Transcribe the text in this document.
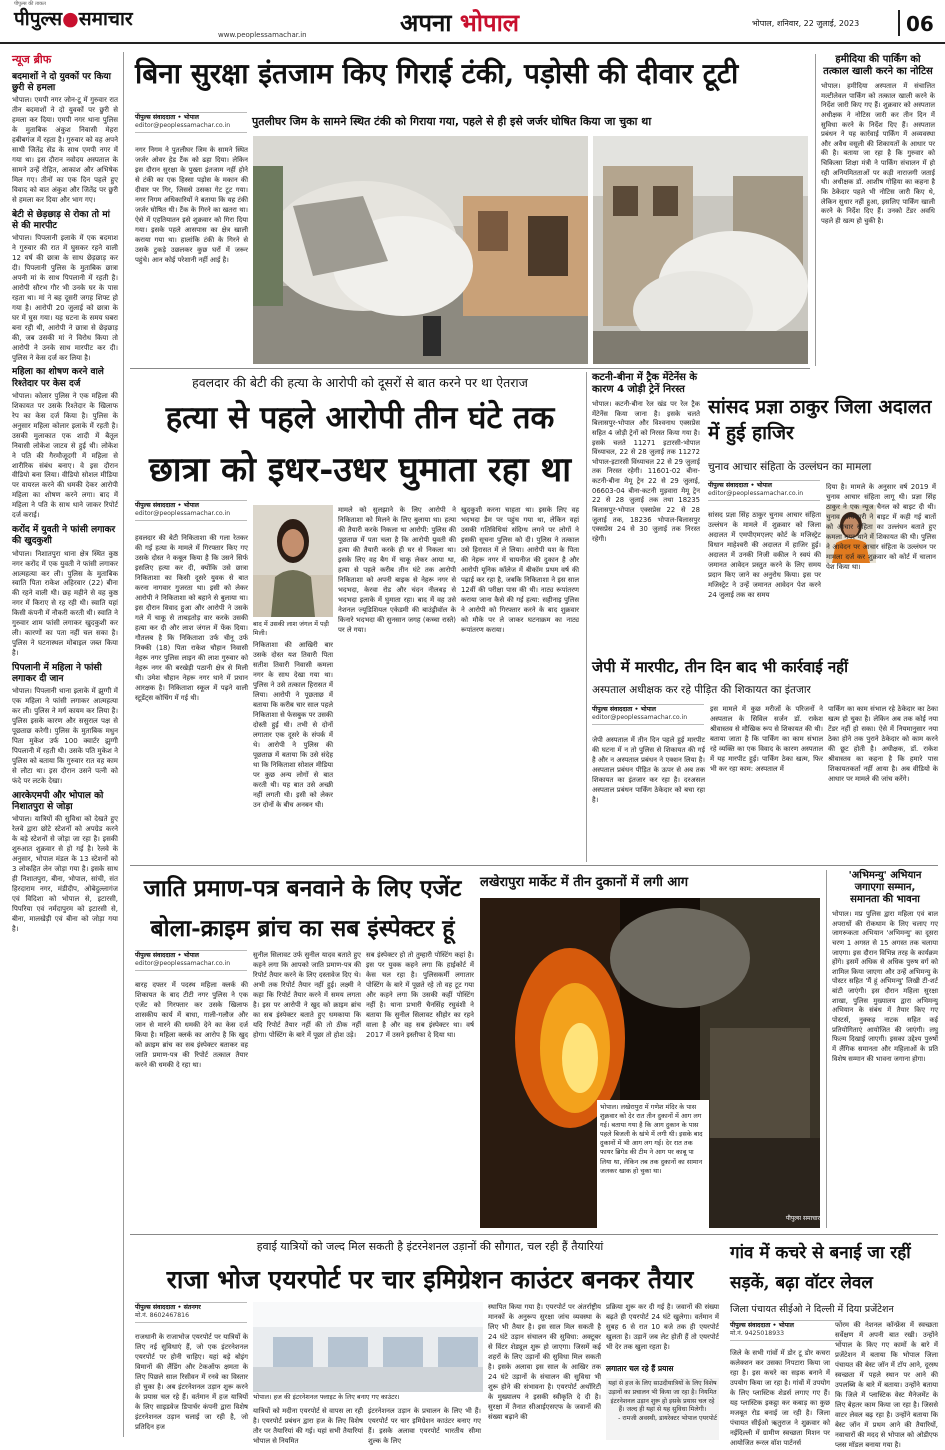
पीपुल्स की ताकत
पीपुल्स●समाचार
www.peoplessamachar.in	अपना भोपाल	भोपाल, शनिवार, 22 जुलाई, 2023	06
न्यूज ब्रीफ
बदमाशों ने दो युवकों पर किया छुरी से हमला
भोपाल। एमपी नगर जोन-टू में गुरुवार रात तीन बदमाशों ने दो युवकों पर छुरी से हमला कर दिया। एमपी नगर थाना पुलिस के मुताबिक अंकुश निवासी मेहरा हबीबगंज में रहता है। गुरुवार को वह अपने साथी जितेंद्र सेंड के साथ एमपी नगर में गया था। इस दौरान नवोदय अस्पताल के सामने उन्हें रोहित, आकाश और अभिषेक मिल गए। तीनों का एक दिन पहले हुए विवाद को बात अंकुश और जितेंद्र पर छुरी से हमला कर दिया और भाग गए।
बेटी से छेड़छाड़ से रोका तो मां से की मारपीट
भोपाल। पिपलानी इलाके में एक बदमाश ने गुरुवार की रात में घुसकर रहने वाली 12 वर्ष की छात्रा के साथ छेड़छाड़ कर दी। पिपलानी पुलिस के मुताबिक छात्रा अपनी मां के साथ पिपलानी में रहती है। आरोपी सौरभ गौर भी उनके घर के पास रहता था। मां ने बह दूसरी जगह शिफ्ट हो गया है। आरोपी 20 जुलाई को छात्रा के घर में घुस गया। यह घटना के समय घबरा बना रही थी, आरोपी ने छात्रा से छेड़छाड़ की, जब उसकी मां ने विरोध किया तो आरोपी ने उनके साथ मारपीट कर दी। पुलिस ने केस दर्ज कर लिया है।
महिला का शोषण करने वाले रिश्तेदार पर केस दर्ज
भोपाल। कोलार पुलिस ने एक महिला की शिकायत पर उसके रिश्तेदार के खिलाफ रेप का केस दर्ज किया है। पुलिस के अनुसार महिला कोलार इलाके में रहती है। उसकी मुलाकात एक शादी में बैतूल निवासी लोकेश जाटव से हुई थी। लोकेश ने पति की गैरमौजूदगी में महिला से शारीरिक संबंध बनाए। वे इस दौरान वीडियो बना लिया। वीडियो सोशल मीडिया पर वायरल करने की धमकी देकर आरोपी महिला का शोषण करने लगा। बाद में महिला ने पति के साथ थाने जाकर रिपोर्ट दर्ज कराई।
करोंद में युवती ने फांसी लगाकर की खुदकुशी
भोपाल। निशातपुरा थाना क्षेत्र स्थित कुष्ठ नगर करोंद में एक युवती ने फांसी लगाकर आत्महत्या कर ली। पुलिस के मुताबिक स्वाति पिता राकेश अहिरवार (22) बीना की रहने वाली थी। छह महीने से वह कुष्ठ नगर में किराए से रह रही थी। स्वाति यहां किसी कंपनी में नौकरी करती थी। स्वाति ने गुरुवार शाम फांसी लगाकर खुदकुशी कर ली। कारणों का पता नहीं चल सका है। पुलिस ने घटनास्थल मोबाइल जब्त किया है।
पिपलानी में महिला ने फांसी लगाकर दी जान
भोपाल। पिपलानी थाना इलाके में झुग्गी में एक महिला ने फांसी लगाकर आत्महत्या कर ली। पुलिस ने मर्ग कायम कर लिया है। पुलिस इसके कारण और ससुराल पक्ष से पूछताछ करेगी। पुलिस के मुताबिक मधुन पिता मुकेश उर्फ 100 क्वार्टर झुग्गी पिपलानी में रहती थी। उसके पति मुकेश ने पुलिस को बताया कि गुरुवार रात वह काम से लौटा था। इस दौरान उसने पत्नी को फंदे पर लटके देखा।
आरकेएमपी और भोपाल को निशातपुरा से जोड़ा
भोपाल। यात्रियों की सुविधा को देखते हुए रेलवे द्वारा छोटे स्टेशनों को अपग्रेड करने के बड़े स्टेशनों से जोड़ा जा रहा है। इसकी शुरुआत शुक्रवार से हो गई है। रेलवे के अनुसार, भोपाल मंडल के 13 स्टेशनों को 3 लोकहित लेन जोड़ा गया है। इसके साथ ही निशातपुरा, बीना, भोपाल, सांची, संत हिरदाराम नगर, मंडीदीप, ओबेदुल्लागंज एवं विदिशा को भोपाल से, इटारसी, पिपरिया एवं नर्मदापुरम को इटारसी से, बीना, मालखेड़ी एवं बीना को जोड़ा गया है।
बिना सुरक्षा इंतजाम किए गिराई टंकी, पड़ोसी की दीवार टूटी
पीपुल्स संवाददाता • भोपाल
editor@peoplessamachar.co.in	पुतलीघर जिम के सामने स्थित टंकी को गिराया गया, पहले से ही इसे जर्जर घोषित किया जा चुका था
नगर निगम ने पुतलीघर जिम के सामने स्थित जर्जर ओवर हेड टैंक को ढहा दिया। लेकिन इस दौरान सुरक्षा के पुख्ता इंतजाम नहीं होने से टंकी का एक हिस्सा पड़ोस के मकान की दीवार पर गिर, जिससे उसका गेट टूट गया। नगर निगम अधिकारियों ने बताया कि यह टंकी जर्जर घोषित थी। टैंक के गिरने का खतरा था। ऐसे में एहतियातन इसे शुक्रवार को गिरा दिया गया। इसके पहले आसपास का क्षेत्र खाली कराया गया था। हालांकि टंकी के गिरने से उसके टुकड़े उछलकर कुछ घरों में जरूर पहुंचे। आन कोई परेशानी नहीं आई है।
हमीदिया की पार्किंग को तत्काल खाली करने का नोटिस
भोपाल। हमीदिया अस्पताल में संचालित मल्टीलेवल पार्किंग को तत्काल खाली करने के निर्देश जारी किए गए हैं। शुक्रवार को अस्पताल अधीक्षक ने नोटिस जारी कर तीन दिन में सुविधा करने के निर्देश दिए हैं। अस्पताल प्रबंधन ने यह कार्रवाई पार्किंग में अव्यवस्था और अवैध वसूली की शिकायतों के आधार पर की है। बताया जा रहा है कि गुरुवार को चिकित्सा शिक्षा मंत्री ने पार्किंग संचालन में हो रही अनियमितताओं पर कड़ी नाराजगी जताई थी। अधीक्षक डॉ. आशीष गोहिया का कहना है कि ठेकेदार पहले भी नोटिस जारी किए थे, लेकिन सुधार नहीं हुआ, इसलिए पार्किंग खाली करने के निर्देश दिए हैं। उनको टेंडर अवधि पहले ही खत्म हो चुकी है।
हवलदार की बेटी की हत्या के आरोपी को दूसरों से बात करने पर था ऐतराज
हत्या से पहले आरोपी तीन घंटे तक
छात्रा को इधर-उधर घुमाता रहा था
पीपुल्स संवाददाता • भोपाल
editor@peoplessamachar.co.in
हवलदार की बेटी निकिताशा की गला रेतकर की गई हत्या के मामले में गिरफ्तार किए गए उसके दोस्त ने कबूल किया है कि उसने सिर्फ इसलिए हत्या कर दी, क्योंकि उसे छात्रा निकिताशा का किसी दूसरे युवक से बात करना नागवार गुजरता था। इसी को लेकर आरोपी ने निकिताशा को बहाने से बुलाया था। इस दौरान विवाद हुआ और आरोपी ने उसके गले में चाकू से ताबड़तोड़ वार करके उसकी हत्या कर दी और लाश जंगल में फेंक दिया। गौतलब है कि निकिताशा उर्फ चीनू उर्फ निक्की (18) पिता राकेश चौहान निवासी नेहरू नगर पुलिस लाइन की लाश गुरुवार को नेहरू नगर की बरखेड़ी पठानी क्षेत्र से मिली थी। उमेश चौहान नेहरू नगर थाने में प्रधान आरक्षक है। निकिताशा स्कूल में पढ़ने वाली स्टूडेंट्स कोचिंग में गई थी।
बाद में उसकी लाश जंगल में पड़ी मिली।
निकिताशा की आखिरी बार उसके दोस्त यश तिवारी पिता सतीश तिवारी निवासी कमला नगर के साथ देखा गया था। पुलिस ने उसे तत्काल हिरासत में लिया। आरोपी ने पूछताछ में बताया कि करीब चार साल पहले निकिताशा से फेसबुक पर उसकी दोस्ती हुई थी। तभी से दोनों लगातार एक दूसरे के संपर्क में थे। आरोपी ने पुलिस की पूछताछ में बताया कि उसे संदेह था कि निकिताशा सोशल मीडिया पर कुछ अन्य लोगों से बात करती थी। यह बात उसे अच्छी नहीं लगती थी। इसी को लेकर उन दोनों के बीच अनबन थी।
मामले को सुलझाने के लिए आरोपी ने निकिताशा को मिलने के लिए बुलाया था। हत्या की तैयारी करके निकला था आरोपी: पुलिस की पूछताछ में पता चला है कि आरोपी युवती की हत्या की तैयारी करके ही घर से निकला था। इसके लिए वह बैग में चाकू लेकर आया था, हत्या से पहले करीब तीन घंटे तक आरोपी निकिताशा को अपनी बाइक से नेहरू नगर से भदभदा, केरवा रोड और चंदन नीलबड़ से भदभदा इलाके में घुमाता रहा। बाद में वह उसे नेशनल ज्यूडिशियल एकेडमी की बाउंड्रीवॉल के किनारे भदभदा की सुनसान जगह (कच्चा रास्ते) पर ले गया।
खुदकुशी करना चाहता था। इसके लिए वह भदभदा डैम पर पहुंच गया था, लेकिन वहां उसकी गतिविधियां संदिग्ध लगने पर लोगों ने इसकी सूचना पुलिस को दी। पुलिस ने तत्काल उसे हिरासत में ले लिया। आरोपी यश के पिता की नेहरू नगर में चायनीज की दुकान है और आरोपी यूनिक कॉलेज में बीकॉम प्रथम वर्ष की पढ़ाई कर रहा है, जबकि निकिताशा ने इस साल 12वीं की परीक्षा पास की थी। नाट्य रूपांतरण कराया जाना कैसे की गई हत्या: सहीनाइ पुलिस ने आरोपी को गिरफ्तार करने के बाद शुक्रवार को मौके पर ले जाकर घटनाक्रम का नाट्य रूपांतरण कराया।
कटनी-बीना में ट्रैक मेंटेनेंस के कारण 4 जोड़ी ट्रेनें निरस्त
भोपाल। कटनी-बीना रेल खंड पर रेल ट्रैक मेंटेनेंस किया जाना है। इसके चलते बिलासपुर-भोपाल और विश्वनाथ एक्सप्रेस सहित 4 जोड़ी ट्रेनों को निरस्त किया गया है। इसके चलते 11271 इटारसी-भोपाल विंध्याचल, 22 से 28 जुलाई तक 11272 भोपाल-इटारसी विंध्याचल 22 से 29 जुलाई तक निरस्त रहेगी। 11601-02 बीना-कटनी-बीना मेमू ट्रेन 22 से 29 जुलाई, 06603-04 बीना-कटनी मुड़वारा मेमू ट्रेन 22 से 28 जुलाई तक तथा 18235 बिलासपुर-भोपाल एक्सप्रेस 22 से 28 जुलाई तक, 18236 भोपाल-बिलासपुर एक्सप्रेस 24 से 30 जुलाई तक निरस्त रहेगी।
सांसद प्रज्ञा ठाकुर जिला अदालत में हुई हाजिर
चुनाव आचार संहिता के उल्लंघन का मामला
पीपुल्स संवाददाता • भोपाल
editor@peoplessamachar.co.in
सांसद प्रज्ञा सिंह ठाकुर चुनाव आचार संहिता उल्लंघन के मामले में शुक्रवार को जिला अदालत में एमपीएमएलए कोर्ट के मजिस्ट्रेट विधान माहेश्वरी की अदालत में हाजिर हुई। अदालत में उनकी निजी वकील ने स्वयं की जमानत आवेदन प्रस्तुत करने के लिए समय प्रदान किए जाने का अनुरोध किया। इस पर मजिस्ट्रेट ने उन्हें जमानत आवेदन पेश करने 24 जुलाई तक का समय
दिया है। मामले के अनुसार वर्ष 2019 में चुनाव आचार संहिता लागू थी। प्रज्ञा सिंह ठाकुर ने एक न्यूज चैनल को बाइट दी थी। चुनाव अधिकारी ने बाइट में कही गई बातों को आचार संहिता का उल्लंघन बताते हुए कमला नगर थाने में शिकायत की थी। पुलिस ने आवेदन पर आचार संहिता के उल्लंघन पर मामला दर्ज कर शुक्रवार को कोर्ट में चालान पेश किया था।
जेपी में मारपीट, तीन दिन बाद भी कार्रवाई नहीं
अस्पताल अधीक्षक कर रहे पीड़ित की शिकायत का इंतजार
पीपुल्स संवाददाता • भोपाल
editor@peoplessamachar.co.in
जेपी अस्पताल में तीन दिन पहले हुई मारपीट की घटना में न तो पुलिस से शिकायत की गई है और न अस्पताल प्रबंधन ने एक्शन लिया है। अस्पताल प्रबंधन पीड़ित के ऊपर से अब तक शिकायत का इंतजार कर रहा है। दरअसल अस्पताल प्रबंधन पार्किंग ठेकेदार को बचा रहा है।
इस मामले में कुछ मरीजों के परिजनों ने अस्पताल के सिविल सर्जन डॉ. राकेश श्रीवास्तव से मौखिक रूप से शिकायत की थी। बताया जाता है कि पार्किंग का काम संभाल रहे व्यक्ति का एक विवाद के कारण अस्पताल में यह मारपीट हुई। पार्किंग ठेका खत्म, फिर भी कर रहा काम: अस्पताल में
पार्किंग का काम संभाल रहे ठेकेदार का ठेका खत्म हो चुका है। लेकिन अब तक कोई नया टेंडर नहीं हो सका। ऐसे में नियमानुसार नया ठेका होने तक पुराने ठेकेदार को काम करने की छूट होती है। अधीक्षक, डॉ. राकेश श्रीवास्तव का कहना है कि हमारे पास शिकायतकर्ता नहीं आया है। अब वीडियो के आधार पर मामले की जांच करेंगे।
जाति प्रमाण-पत्र बनवाने के लिए एजेंट
बोला-क्राइम ब्रांच का सब इंस्पेक्टर हूं
पीपुल्स संवाददाता • भोपाल
editor@peoplessamachar.co.in
बारह दफ्तर में पदस्थ महिला क्लर्क की शिकायत के बाद टीटी नगर पुलिस ने एक एजेंट को गिरफ्तार कर उसके खिलाफ शासकीय कार्य में बाधा, गाली-गलौज और जान से मारने की धमकी देने का केस दर्ज किया है। महिला क्लर्क का आरोप है कि खुद को क्राइम ब्रांच का सब इंस्पेक्टर बताकर वह जाति प्रमाण-पत्र की रिपोर्ट तत्काल तैयार करने की धमकी दे रहा था।
सुनील सिलावट उर्फ सुनील यादव बताते हुए कहने लगा कि आपको जाति प्रमाण-पत्र की रिपोर्ट तैयार करने के लिए दस्तावेज दिए थे। अभी तक रिपोर्ट तैयार नहीं हुई। लक्ष्मी ने कहा कि रिपोर्ट तैयार करने में समय लगता है। इस पर आरोपी ने खुद को क्राइम ब्रांच का सब इंस्पेक्टर बताते हुए धमकाया कि यदि रिपोर्ट तैयार नहीं की तो ठीक नहीं होगा। पोस्टिंग के बारे में पूछा तो होश उड़े।
सब इंस्पेक्टर हो तो तुम्हारी पोस्टिंग कहां है। इस पर युवक कहने लगा कि हाईकोर्ट में केस चल रहा है। पुलिसकर्मी लगातार पोस्टिंग के बारे में पूछते रहे तो वह टूट गया और कहने लगा कि उसकी कहीं पोस्टिंग नहीं है। थाना प्रभारी चैनसिंह रघुवंशी ने बताया कि सुनील सिलावट सीहोर का रहने वाला है और वह सब इंस्पेक्टर था। वर्ष 2017 में उसने इस्तीफा दे दिया था।
लखेरापुरा मार्केट में तीन दुकानों में लगी आग
भोपाल। लखेरापुरा में गणेश मंदिर के पास शुक्रवार को देर रात तीन दुकानों में आग लग गई। बताया गया है कि आग दुकान के पास पहले बिजली के खंभे में लगी थी। इसके बाद दुकानों में भी आग लग गई। देर रात तक फायर ब्रिगेड की टीम ने आग पर काबू पा लिया था, लेकिन तब तक दुकानों का सामान जलकर खाक हो चुका था।
पीपुल्स समाचार
'अभिमन्यु' अभियान
जगाएगा सम्मान,
समानता की भावना
भोपाल। मप्र पुलिस द्वारा महिला एवं बाल अपराधों की रोकथाम के लिए चलाए गए जागरूकता अभियान 'अभिमन्यु' का दूसरा चरण 1 अगस्त से 15 अगस्त तक चलाया जाएगा। इस दौरान विभिन्न तरह के कार्यक्रम होंगे। इसमें अधिक से अधिक पुरुष वर्ग को शामिल किया जाएगा और उन्हें अभिमन्यु के पोस्टर सहित 'मैं हूं अभिमन्यु' लिखी टी-शर्ट बांटी जाएंगी। इस दौरान महिला सुरक्षा शाखा, पुलिस मुख्यालय द्वारा अभिमन्यु अभियान के संबंध में तैयार किए गए पोस्टर्स, नुक्कड़ नाटक सहित कई प्रतियोगिताएं आयोजित की जाएंगी। लघु फिल्म दिखाई जाएगी। इसका उद्देश्य पुरुषों में लैंगिक समानता और महिलाओं के प्रति विशेष सम्मान की भावना जगाना होगा।
हवाई यात्रियों को जल्द मिल सकती है इंटरनेशनल उड़ानों की सौगात, चल रही हैं तैयारियां
राजा भोज एयरपोर्ट पर चार इमिग्रेशन काउंटर बनकर तैयार
पीपुल्स संवाददाता • संतनगर
मो.नं. 8602467816
राजधानी के राजाभोज एयरपोर्ट पर यात्रियों के लिए नई सुविधाएं हैं, जो एक इंटरनेशनल एयरपोर्ट पर होनी चाहिए। यहां बड़े बोइंग विमानों की लैंडिंग और टेकऑफ क्षमता के लिए पिछले साल रिसीवन में रनवे का विस्तार हो चुका है। अब इंटरनेशनल उड़ान शुरू करने के प्रयास चल रहे हैं। वर्तमान में हज यात्रियों के लिए साइडवेज डिपार्चर कंपनी द्वारा विशेष इंटरनेशनल उड़ान चलाई जा रही है, जो प्रतिदिन हज
भोपाल। हज की इंटरनेशनल फ्लाइट के लिए बनाए गए काउंटर।
यात्रियों को मदीना एयरपोर्ट से वापस ला रही है। एयरपोर्ट प्रबंधन द्वारा हज के लिए विशेष तौर पर तैयारियां की गई। यहां सभी तैयारियां भोपाल से नियमित
इंटरनेशनल उड़ान के प्रचालन के लिए भी हैं। एयरपोर्ट पर चार इमिग्रेशन काउंटर बनाए गए हैं। इसके अलावा एयरपोर्ट भारतीय सीमा शुल्क के लिए
स्थापित किया गया है। एयरपोर्ट पर अंतर्राष्ट्रीय मानकों के अनुरूप सुरक्षा जांच व्यवस्था के लिए भी तैयार है। इस साल मिल सकती है 24 घंटे उड़ान संचालन की सुविधा: अक्टूबर से विंटर शेड्यूल शुरू हो जाएगा। जिसमें कई शहरों के लिए उड़ानों की सुविधा मिल सकती है। इसके अलावा इस साल के आखिर तक 24 घंटे उड़ानों के संचालन की सुविधा भी शुरू होने की संभावना है। एयरपोर्ट अथॉरिटी के मुख्यालय ने इसकी स्वीकृति दे दी है। सुरक्षा में तैनात सीआईएसएफ के जवानों की संख्या बढ़ाने की
प्रक्रिया शुरू कर दी गई है। जवानों की संख्या बढ़ते ही एयरपोर्ट 24 घंटे खुलेगा। वर्तमान में सुबह 6 से रात 10 बजे तक ही एयरपोर्ट खुलता है। उड़ानें जब लेट होती हैं तो एयरपोर्ट भी देर तक खुला रहता है।
लगातार चल रहे हैं प्रयास
यहां से हज के लिए साउदीयात्रियों के लिए विशेष उड़ानों का प्रचालन भी किया जा रहा है। नियमित इंटरनेशनल उड़ान शुरू हो इसके प्रयास चल रहे हैं। जल्द ही यहां से यह सुविधा मिलेगी।
- रामजी अवस्थी, डायरेक्टर भोपाल एयरपोर्ट
गांव में कचरे से बनाई जा रहीं सड़कें, बढ़ा वॉटर लेवल
जिला पंचायत सीईओ ने दिल्ली में दिया प्रजेंटेशन
पीपुल्स संवाददाता • भोपाल
मो.नं. 9425018933
जिले के सभी गांवों में डोर टू डोर कचरा कलेक्शन कर उसका निपटारा किया जा रहा है। इस कचरे का सड़क बनाने में उपयोग किया जा रहा है। गांवों में उपयोग के लिए प्लास्टिक शेडर्स लगाए गए हैं। यह प्लास्टिक इकट्ठा कर कबाड़ का कुछ मजबूत रोड बनाई जा रही है। जिला पंचायत सीईओ ऋतुराज ने शुक्रवार को नईदिल्ली में ग्रामीण स्वच्छता मिशन पर आयोजित रूरल वॉश पार्टनर्स
फोरम की नेशनल कॉन्फ्रेंस में स्वच्छता सर्वेक्षण में अपनी बात रखी। उन्होंने भोपाल के किए गए कामों के बारे में प्रजेंटेशन में बताया कि भोपाल जिला पंचायत की बेस्ट जॉन में टॉप आने, दूरस्थ स्वच्छता में पहले स्थान पर आने की उपलब्धि के बारे में बताया। उन्होंने बताया कि जिले में प्लास्टिक वेस्ट मैनेजमेंट के लिए बेहतर काम किया जा रहा है। जिससे वाटर लेवल बढ़ रहा है। उन्होंने बताया कि बेस्ट जॉन में प्रथम आने की तैयारियों, नवाचारों की मदद से भोपाल को ओडीएफ प्लस मॉडल बनाया गया है।
